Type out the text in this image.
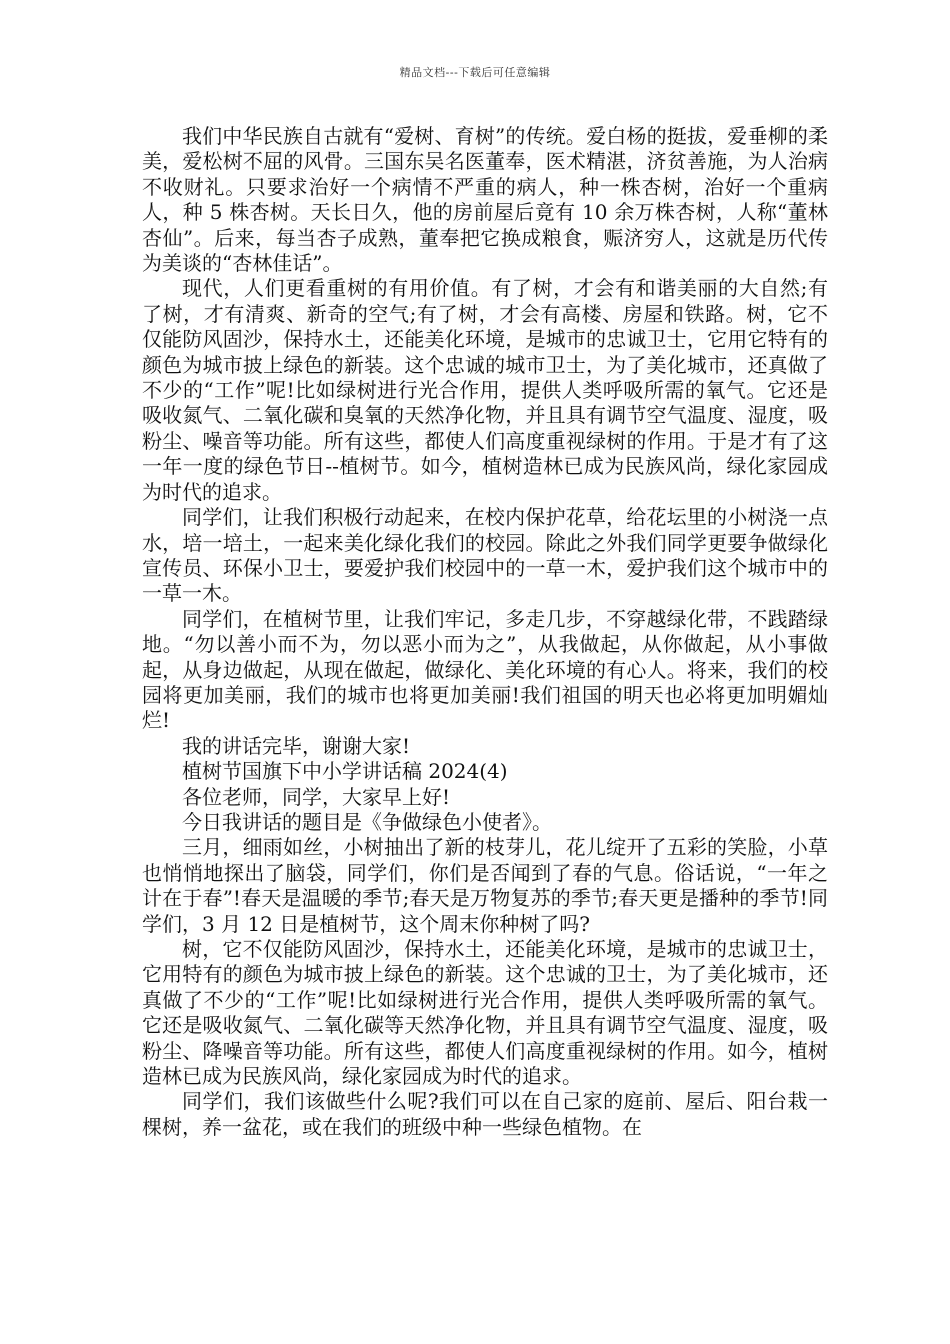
精品文档---下载后可任意编辑

我们中华民族自古就有“爱树、育树”的传统。爱白杨的挺拔，爱垂柳的柔美，爱松树不屈的风骨。三国东吴名医董奉，医术精湛，济贫善施，为人治病不收财礼。只要求治好一个病情不严重的病人，种一株杏树，治好一个重病人，种 5 株杏树。天长日久，他的房前屋后竟有 10 余万株杏树，人称“董林杏仙”。后来，每当杏子成熟，董奉把它换成粮食，赈济穷人，这就是历代传为美谈的“杏林佳话”。

现代，人们更看重树的有用价值。有了树，才会有和谐美丽的大自然;有了树，才有清爽、新奇的空气;有了树，才会有高楼、房屋和铁路。树，它不仅能防风固沙，保持水土，还能美化环境，是城市的忠诚卫士，它用它特有的颜色为城市披上绿色的新装。这个忠诚的城市卫士，为了美化城市，还真做了不少的“工作”呢!比如绿树进行光合作用，提供人类呼吸所需的氧气。它还是吸收氮气、二氧化碳和臭氧的天然净化物，并且具有调节空气温度、湿度，吸粉尘、噪音等功能。所有这些，都使人们高度重视绿树的作用。于是才有了这一年一度的绿色节日--植树节。如今，植树造林已成为民族风尚，绿化家园成为时代的追求。

同学们，让我们积极行动起来，在校内保护花草，给花坛里的小树浇一点水，培一培土，一起来美化绿化我们的校园。除此之外我们同学更要争做绿化宣传员、环保小卫士，要爱护我们校园中的一草一木，爱护我们这个城市中的一草一木。

同学们，在植树节里，让我们牢记，多走几步，不穿越绿化带，不践踏绿地。“勿以善小而不为，勿以恶小而为之”，从我做起，从你做起，从小事做起，从身边做起，从现在做起，做绿化、美化环境的有心人。将来，我们的校园将更加美丽，我们的城市也将更加美丽!我们祖国的明天也必将更加明媚灿烂!

我的讲话完毕，谢谢大家!

植树节国旗下中小学讲话稿 2024(4)

各位老师，同学，大家早上好!

今日我讲话的题目是《争做绿色小使者》。

三月，细雨如丝，小树抽出了新的枝芽儿，花儿绽开了五彩的笑脸，小草也悄悄地探出了脑袋，同学们，你们是否闻到了春的气息。俗话说，“一年之计在于春”!春天是温暖的季节;春天是万物复苏的季节;春天更是播种的季节!同学们，3 月 12 日是植树节，这个周末你种树了吗?

树，它不仅能防风固沙，保持水土，还能美化环境，是城市的忠诚卫士，它用特有的颜色为城市披上绿色的新装。这个忠诚的卫士，为了美化城市，还真做了不少的“工作”呢!比如绿树进行光合作用，提供人类呼吸所需的氧气。它还是吸收氮气、二氧化碳等天然净化物，并且具有调节空气温度、湿度，吸粉尘、降噪音等功能。所有这些，都使人们高度重视绿树的作用。如今，植树造林已成为民族风尚，绿化家园成为时代的追求。

同学们，我们该做些什么呢?我们可以在自己家的庭前、屋后、阳台栽一棵树，养一盆花，或在我们的班级中种一些绿色植物。在
